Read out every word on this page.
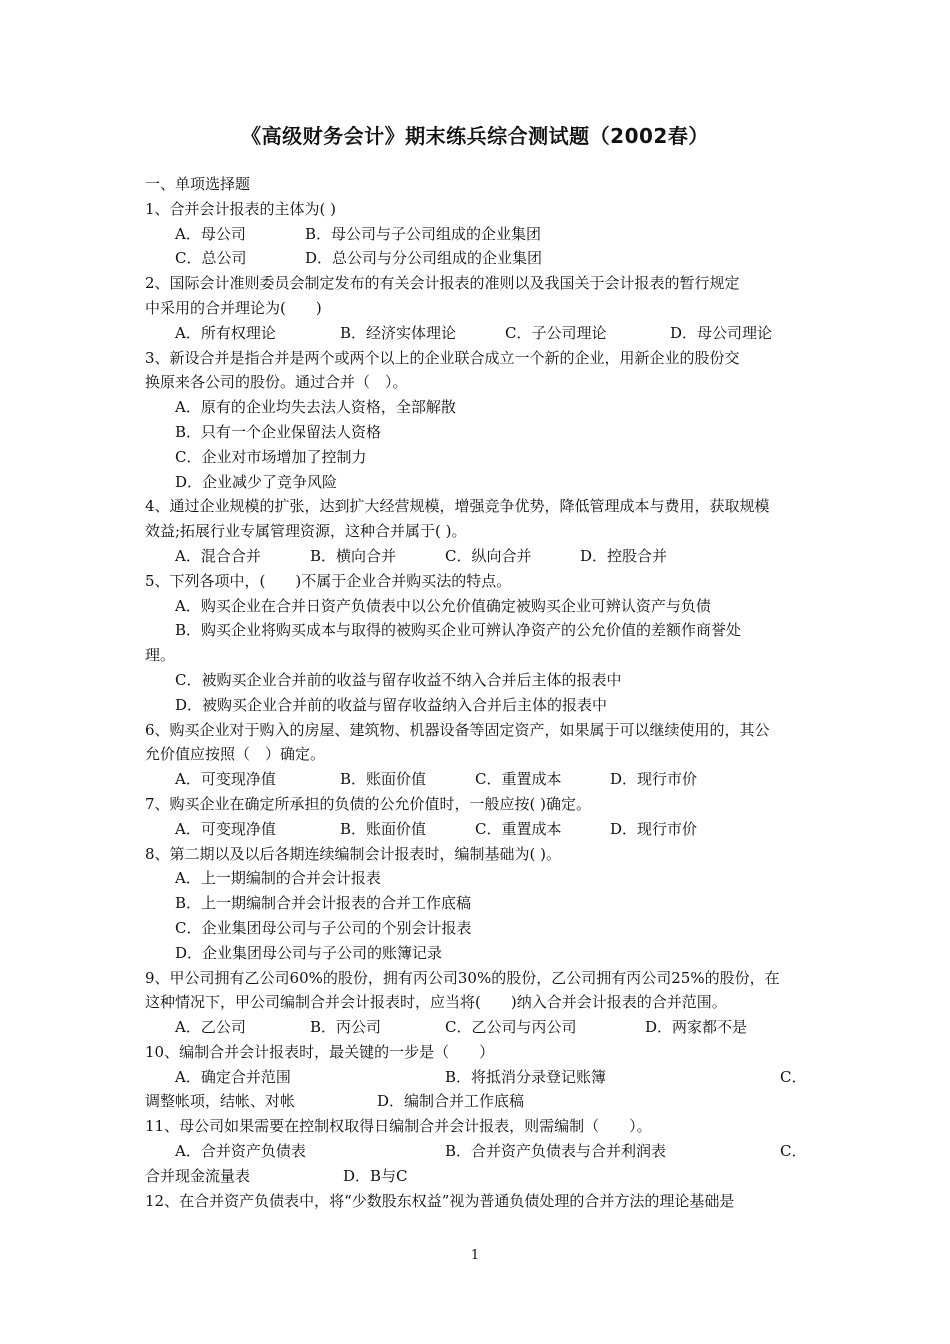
《高级财务会计》期末练兵综合测试题（2002春）
一、单项选择题
1、合并会计报表的主体为( )
A．母公司	B．母公司与子公司组成的企业集团
C．总公司	D．总公司与分公司组成的企业集团
2、国际会计准则委员会制定发布的有关会计报表的准则以及我国关于会计报表的暂行规定
中采用的合并理论为(　　)
A．所有权理论	B．经济实体理论	C．子公司理论	D．母公司理论
3、新设合并是指合并是两个或两个以上的企业联合成立一个新的企业，用新企业的股份交
换原来各公司的股份。通过合并（　）。
A．原有的企业均失去法人资格，全部解散
B．只有一个企业保留法人资格
C．企业对市场增加了控制力
D．企业减少了竞争风险
4、通过企业规模的扩张，达到扩大经营规模，增强竞争优势，降低管理成本与费用，获取规模
效益;拓展行业专属管理资源，这种合并属于( )。
A．混合合并	B．横向合并	C．纵向合并	D．控股合并
5、下列各项中，(　　)不属于企业合并购买法的特点。
A．购买企业在合并日资产负债表中以公允价值确定被购买企业可辨认资产与负债
B．购买企业将购买成本与取得的被购买企业可辨认净资产的公允价值的差额作商誉处
理。
C．被购买企业合并前的收益与留存收益不纳入合并后主体的报表中
D．被购买企业合并前的收益与留存收益纳入合并后主体的报表中
6、购买企业对于购入的房屋、建筑物、机器设备等固定资产，如果属于可以继续使用的，其公
允价值应按照（　）确定。
A．可变现净值	B．账面价值	C．重置成本	D．现行市价
7、购买企业在确定所承担的负债的公允价值时，一般应按( )确定。
A．可变现净值	B．账面价值	C．重置成本	D．现行市价
8、第二期以及以后各期连续编制会计报表时，编制基础为( )。
A．上一期编制的合并会计报表
B．上一期编制合并会计报表的合并工作底稿
C．企业集团母公司与子公司的个别会计报表
D．企业集团母公司与子公司的账簿记录
9、甲公司拥有乙公司60%的股份，拥有丙公司30%的股份，乙公司拥有丙公司25%的股份，在
这种情况下，甲公司编制合并会计报表时，应当将(　　)纳入合并会计报表的合并范围。
A．乙公司	B．丙公司	C．乙公司与丙公司	D．两家都不是
10、编制合并会计报表时，最关键的一步是（　　）
A．确定合并范围	B．将抵消分录登记账簿	C．
调整帐项，结帐、对帐	D．编制合并工作底稿
11、母公司如果需要在控制权取得日编制合并会计报表，则需编制（　　）。
A．合并资产负债表	B．合并资产负债表与合并利润表	C．
合并现金流量表	D．B与C
12、在合并资产负债表中，将“少数股东权益”视为普通负债处理的合并方法的理论基础是
1
